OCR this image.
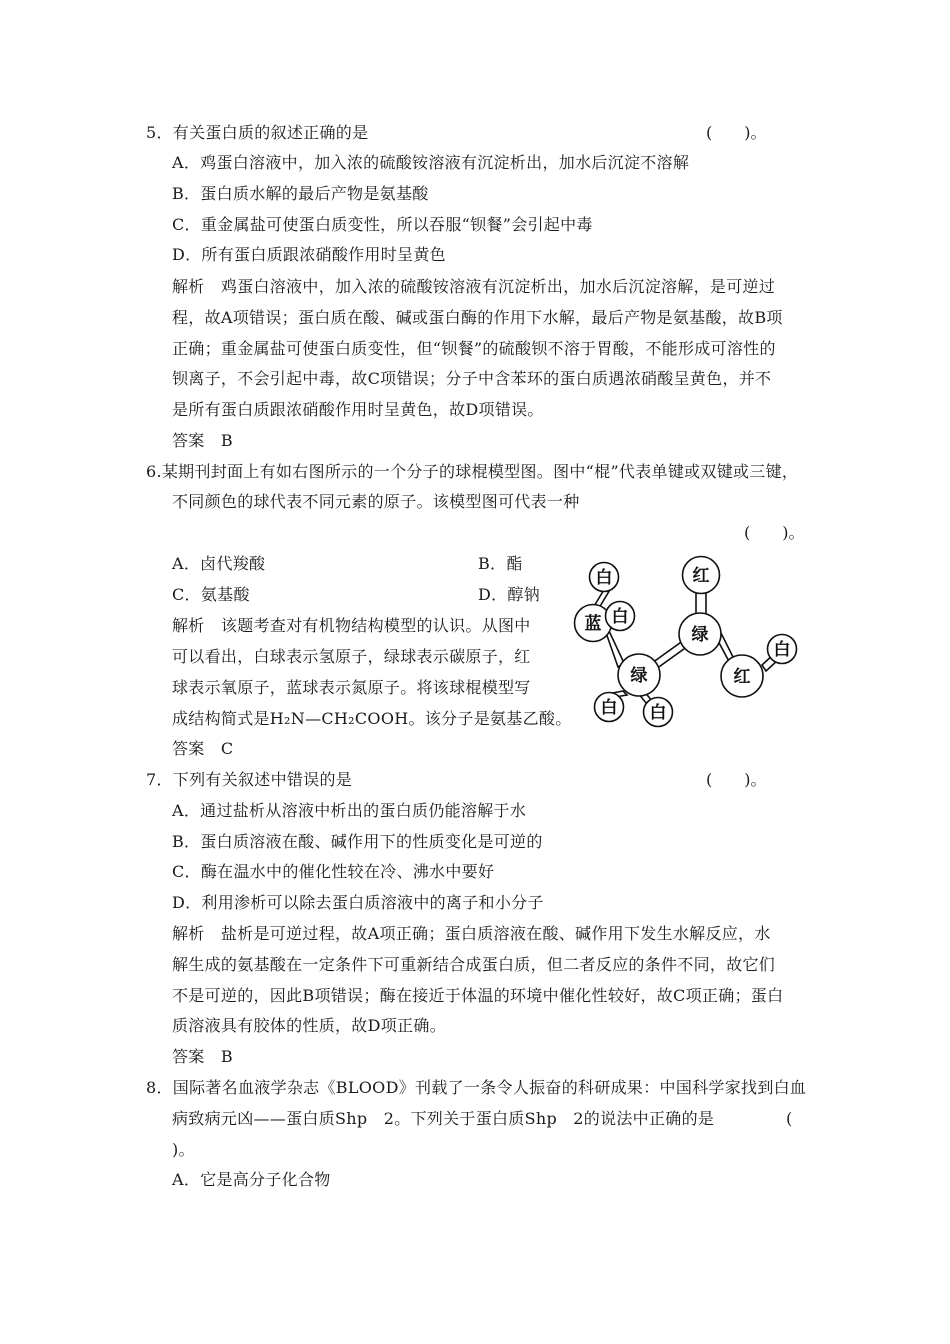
5．有关蛋白质的叙述正确的是	(　　)。
A．鸡蛋白溶液中，加入浓的硫酸铵溶液有沉淀析出，加水后沉淀不溶解
B．蛋白质水解的最后产物是氨基酸
C．重金属盐可使蛋白质变性，所以吞服“钡餐”会引起中毒
D．所有蛋白质跟浓硝酸作用时呈黄色
解析　鸡蛋白溶液中，加入浓的硫酸铵溶液有沉淀析出，加水后沉淀溶解，是可逆过
程，故A项错误；蛋白质在酸、碱或蛋白酶的作用下水解，最后产物是氨基酸，故B项
正确；重金属盐可使蛋白质变性，但“钡餐”的硫酸钡不溶于胃酸，不能形成可溶性的
钡离子，不会引起中毒，故C项错误；分子中含苯环的蛋白质遇浓硝酸呈黄色，并不
是所有蛋白质跟浓硝酸作用时呈黄色，故D项错误。
答案　B
6.某期刊封面上有如右图所示的一个分子的球棍模型图。图中“棍”代表单键或双键或三键，
不同颜色的球代表不同元素的原子。该模型图可代表一种
(　　)。
A．卤代羧酸	B．酯
C．氨基酸	D．醇钠
解析　该题考查对有机物结构模型的认识。从图中
可以看出，白球表示氢原子，绿球表示碳原子，红
球表示氧原子，蓝球表示氮原子。将该球棍模型写
成结构简式是H₂N—CH₂COOH。该分子是氨基乙酸。
答案　C
白
蓝 白
绿
绿
红
红
白
白 白
7．下列有关叙述中错误的是	(　　)。
A．通过盐析从溶液中析出的蛋白质仍能溶解于水
B．蛋白质溶液在酸、碱作用下的性质变化是可逆的
C．酶在温水中的催化性较在冷、沸水中要好
D．利用渗析可以除去蛋白质溶液中的离子和小分子
解析　盐析是可逆过程，故A项正确；蛋白质溶液在酸、碱作用下发生水解反应，水
解生成的氨基酸在一定条件下可重新结合成蛋白质，但二者反应的条件不同，故它们
不是可逆的，因此B项错误；酶在接近于体温的环境中催化性较好，故C项正确；蛋白
质溶液具有胶体的性质，故D项正确。
答案　B
8．国际著名血液学杂志《BLOOD》刊载了一条令人振奋的科研成果：中国科学家找到白血
病致病元凶——蛋白质Shp　2。下列关于蛋白质Shp　2的说法中正确的是	(
)。
A．它是高分子化合物
